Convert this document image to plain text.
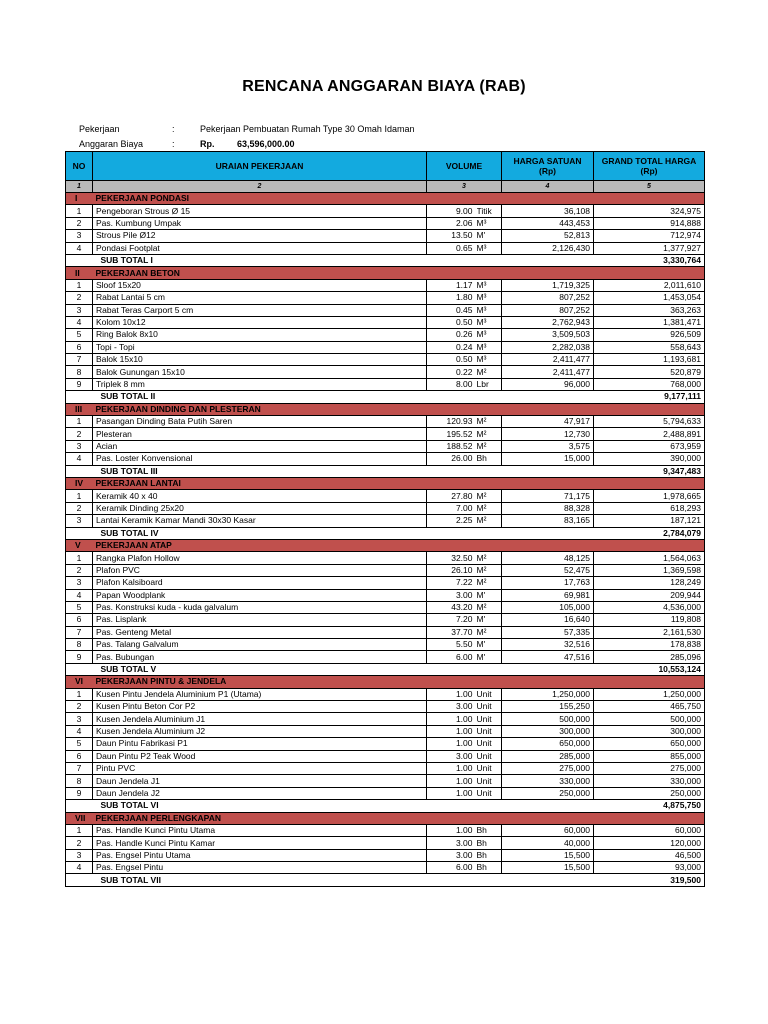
RENCANA ANGGARAN BIAYA (RAB)
Pekerjaan	:	Pekerjaan Pembuatan Rumah Type 30 Omah Idaman
Anggaran Biaya	:	Rp.	63,596,000.00
NO	URAIAN PEKERJAAN	VOLUME		HARGA SATUAN (Rp)	GRAND TOTAL HARGA (Rp)
1	2	3		4	5
I	PEKERJAAN PONDASI				
1	Pengeboran Strous Ø 15	9.00	Titik	36,108	324,975
2	Pas. Kumbung Umpak	2.06	M³	443,453	914,888
3	Strous Pile Ø12	13.50	M'	52,813	712,974
4	Pondasi Footplat	0.65	M³	2,126,430	1,377,927
	SUB TOTAL I				3,330,764
II	PEKERJAAN BETON				
1	Sloof 15x20	1.17	M³	1,719,325	2,011,610
2	Rabat Lantai 5 cm	1.80	M³	807,252	1,453,054
3	Rabat Teras Carport 5 cm	0.45	M³	807,252	363,263
4	Kolom 10x12	0.50	M³	2,762,943	1,381,471
5	Ring Balok 8x10	0.26	M³	3,509,503	926,509
6	Topi - Topi	0.24	M³	2,282,038	558,643
7	Balok 15x10	0.50	M³	2,411,477	1,193,681
8	Balok Gunungan 15x10	0.22	M²	2,411,477	520,879
9	Triplek 8 mm	8.00	Lbr	96,000	768,000
	SUB TOTAL II				9,177,111
III	PEKERJAAN DINDING DAN PLESTERAN				
1	Pasangan Dinding Bata Putih Saren	120.93	M²	47,917	5,794,633
2	Plesteran	195.52	M²	12,730	2,488,891
3	Acian	188.52	M²	3,575	673,959
4	Pas. Loster Konvensional	26.00	Bh	15,000	390,000
	SUB TOTAL III				9,347,483
IV	PEKERJAAN LANTAI				
1	Keramik 40 x 40	27.80	M²	71,175	1,978,665
2	Keramik Dinding 25x20	7.00	M²	88,328	618,293
3	Lantai Keramik Kamar Mandi 30x30 Kasar	2.25	M²	83,165	187,121
	SUB TOTAL IV				2,784,079
V	PEKERJAAN ATAP				
1	Rangka Plafon Hollow	32.50	M²	48,125	1,564,063
2	Plafon PVC	26.10	M²	52,475	1,369,598
3	Plafon Kalsiboard	7.22	M²	17,763	128,249
4	Papan Woodplank	3.00	M'	69,981	209,944
5	Pas. Konstruksi kuda - kuda galvalum	43.20	M²	105,000	4,536,000
6	Pas. Lisplank	7.20	M'	16,640	119,808
7	Pas. Genteng Metal	37.70	M²	57,335	2,161,530
8	Pas. Talang Galvalum	5.50	M'	32,516	178,838
9	Pas. Bubungan	6.00	M'	47,516	285,096
	SUB TOTAL V				10,553,124
VI	PEKERJAAN PINTU & JENDELA				
1	Kusen Pintu Jendela Aluminium P1 (Utama)	1.00	Unit	1,250,000	1,250,000
2	Kusen Pintu Beton Cor P2	3.00	Unit	155,250	465,750
3	Kusen Jendela Aluminium J1	1.00	Unit	500,000	500,000
4	Kusen Jendela Aluminium J2	1.00	Unit	300,000	300,000
5	Daun Pintu Fabrikasi P1	1.00	Unit	650,000	650,000
6	Daun Pintu P2 Teak Wood	3.00	Unit	285,000	855,000
7	Pintu PVC	1.00	Unit	275,000	275,000
8	Daun Jendela J1	1.00	Unit	330,000	330,000
9	Daun Jendela J2	1.00	Unit	250,000	250,000
	SUB TOTAL VI				4,875,750
VII	PEKERJAAN PERLENGKAPAN				
1	Pas. Handle Kunci Pintu Utama	1.00	Bh	60,000	60,000
2	Pas. Handle Kunci Pintu Kamar	3.00	Bh	40,000	120,000
3	Pas. Engsel Pintu Utama	3.00	Bh	15,500	46,500
4	Pas. Engsel Pintu	6.00	Bh	15,500	93,000
	SUB TOTAL VII				319,500
